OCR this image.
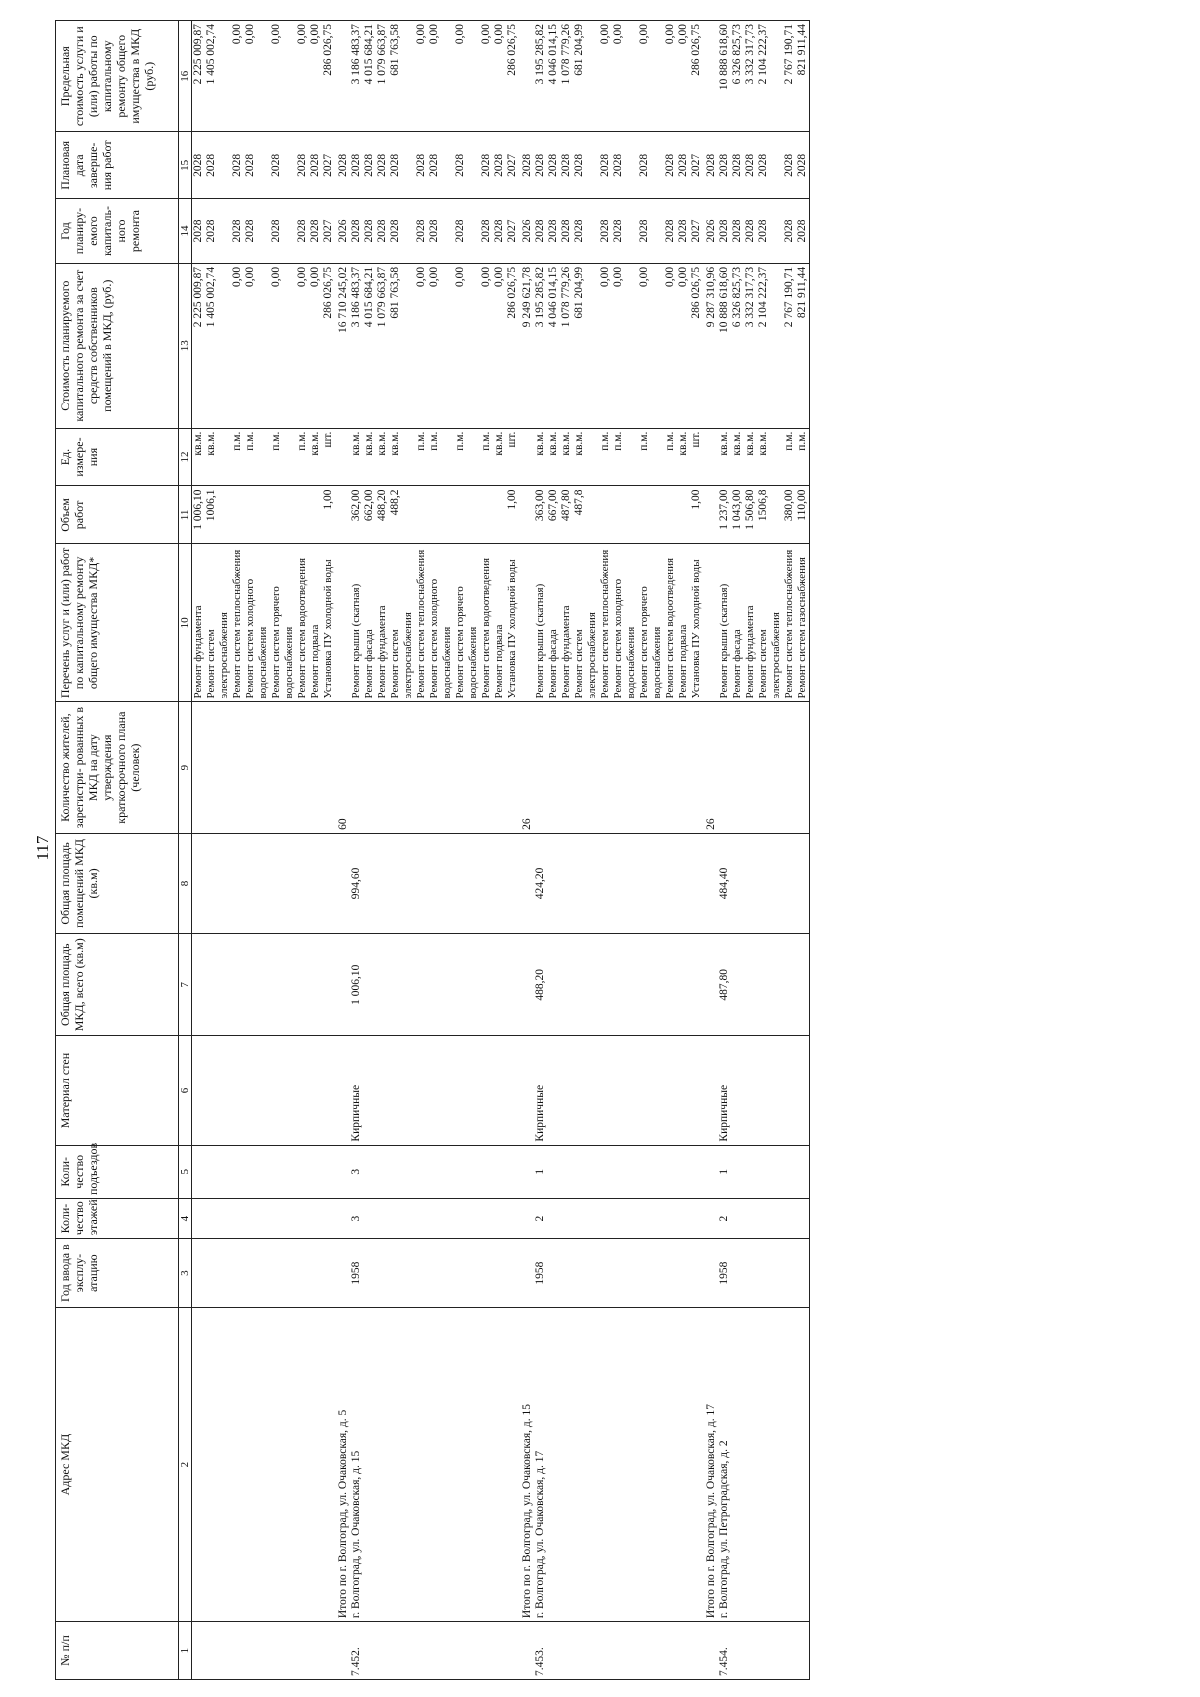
117
№ п/п	Адрес МКД	Год ввода в эксплу- атацию	Коли- чество этажей	Коли- чество подъездов	Материал стен	Общая площадь МКД, всего (кв.м)	Общая площадь помещений МКД (кв.м)	Количество жителей, зарегистри- рованных в МКД на дату утверждения краткосрочного плана (человек)	Перечень услуг и (или) работ по капитальному ремонту общего имущества МКД*	Объем работ	Ед. измере- ния	Стоимость планируемого капитального ремонта за счет средств собственников помещений в МКД, (руб.)	Год планиру- емого капиталь- ного ремонта	Плановая дата заверше- ния работ	Предельная стоимость услуги и (или) работы по капитальному ремонту общего имущества в МКД (руб.)
1	2	3	4	5	6	7	8	9	10	11	12	13	14	15	16
									Ремонт фундамента	1 006,10	кв.м.	2 225 009,87	2028	2028	2 225 009,87
									Ремонт систем электроснабжения	1006,1	кв.м.	1 405 002,74	2028	2028	1 405 002,74
									Ремонт систем теплоснабжения		п.м.	0,00	2028	2028	0,00
									Ремонт систем холодного водоснабжения		п.м.	0,00	2028	2028	0,00
									Ремонт систем горячего водоснабжения		п.м.	0,00	2028	2028	0,00
									Ремонт систем водоотведения		п.м.	0,00	2028	2028	0,00
									Ремонт подвала		кв.м.	0,00	2028	2028	0,00
									Установка ПУ холодной воды	1,00	шт.	286 026,75	2027	2027	286 026,75
	Итого по г. Волгоград, ул. Очаковская, д. 5							60				16 710 245,02	2026	2028	
7.452.	г. Волгоград, ул. Очаковская, д. 15	1958	3	3	Кирпичные	1 006,10	994,60		Ремонт крыши (скатная)	362,00	кв.м.	3 186 483,37	2028	2028	3 186 483,37
									Ремонт фасада	662,00	кв.м.	4 015 684,21	2028	2028	4 015 684,21
									Ремонт фундамента	488,20	кв.м.	1 079 663,87	2028	2028	1 079 663,87
									Ремонт систем электроснабжения	488,2	кв.м.	681 763,58	2028	2028	681 763,58
									Ремонт систем теплоснабжения		п.м.	0,00	2028	2028	0,00
									Ремонт систем холодного водоснабжения		п.м.	0,00	2028	2028	0,00
									Ремонт систем горячего водоснабжения		п.м.	0,00	2028	2028	0,00
									Ремонт систем водоотведения		п.м.	0,00	2028	2028	0,00
									Ремонт подвала		кв.м.	0,00	2028	2028	0,00
									Установка ПУ холодной воды	1,00	шт.	286 026,75	2027	2027	286 026,75
	Итого по г. Волгоград, ул. Очаковская, д. 15							26				9 249 621,78	2026	2028	
7.453.	г. Волгоград, ул. Очаковская, д. 17	1958	2	1	Кирпичные	488,20	424,20		Ремонт крыши (скатная)	363,00	кв.м.	3 195 285,82	2028	2028	3 195 285,82
									Ремонт фасада	667,00	кв.м.	4 046 014,15	2028	2028	4 046 014,15
									Ремонт фундамента	487,80	кв.м.	1 078 779,26	2028	2028	1 078 779,26
									Ремонт систем электроснабжения	487,8	кв.м.	681 204,99	2028	2028	681 204,99
									Ремонт систем теплоснабжения		п.м.	0,00	2028	2028	0,00
									Ремонт систем холодного водоснабжения		п.м.	0,00	2028	2028	0,00
									Ремонт систем горячего водоснабжения		п.м.	0,00	2028	2028	0,00
									Ремонт систем водоотведения		п.м.	0,00	2028	2028	0,00
									Ремонт подвала		кв.м.	0,00	2028	2028	0,00
									Установка ПУ холодной воды	1,00	шт.	286 026,75	2027	2027	286 026,75
	Итого по г. Волгоград, ул. Очаковская, д. 17							26				9 287 310,96	2026	2028	
7.454.	г. Волгоград, ул. Петроградская, д. 2	1958	2	1	Кирпичные	487,80	484,40		Ремонт крыши (скатная)	1 237,00	кв.м.	10 888 618,60	2028	2028	10 888 618,60
									Ремонт фасада	1 043,00	кв.м.	6 326 825,73	2028	2028	6 326 825,73
									Ремонт фундамента	1 506,80	кв.м.	3 332 317,73	2028	2028	3 332 317,73
									Ремонт систем электроснабжения	1506,8	кв.м.	2 104 222,37	2028	2028	2 104 222,37
									Ремонт систем теплоснабжения	380,00	п.м.	2 767 190,71	2028	2028	2 767 190,71
									Ремонт систем газоснабжения	110,00	п.м.	821 911,44	2028	2028	821 911,44
